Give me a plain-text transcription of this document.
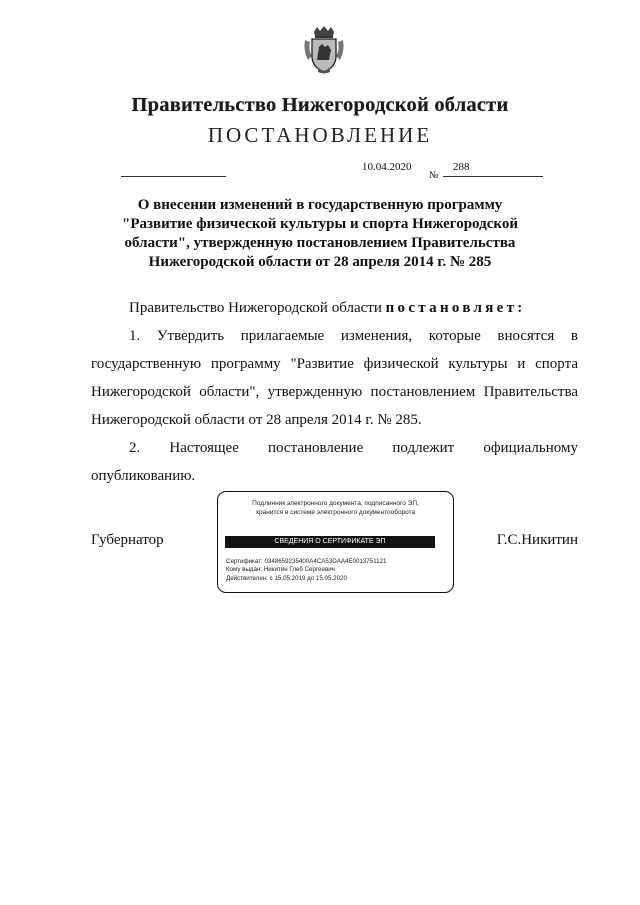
Правительство Нижегородской области
ПОСТАНОВЛЕНИЕ
10.04.2020
№
288
О внесении изменений в государственную программу
"Развитие физической культуры и спорта Нижегородской
области", утвержденную постановлением Правительства
Нижегородской области от 28 апреля 2014 г. № 285

Правительство Нижегородской области постановляет:

1. Утвердить прилагаемые изменения, которые вносятся в
государственную программу "Развитие физической культуры и спорта
Нижегородской области", утвержденную постановлением Правительства
Нижегородской области от 28 апреля 2014 г. № 285.

2. Настоящее постановление подлежит официальному
опубликованию.

Губернатор	Г.С.Никитин
Подлинник электронного документа, подписанного ЭП,
хранится в системе электронного документооборота
СВЕДЕНИЯ О СЕРТИФИКАТЕ ЭП
Сертификат: 0348659235400A4CA53DAA4E0013751121
Кому выдан: Никитин Глеб Сергеевич
Действителен: с 15.05.2019 до 15.05.2020
